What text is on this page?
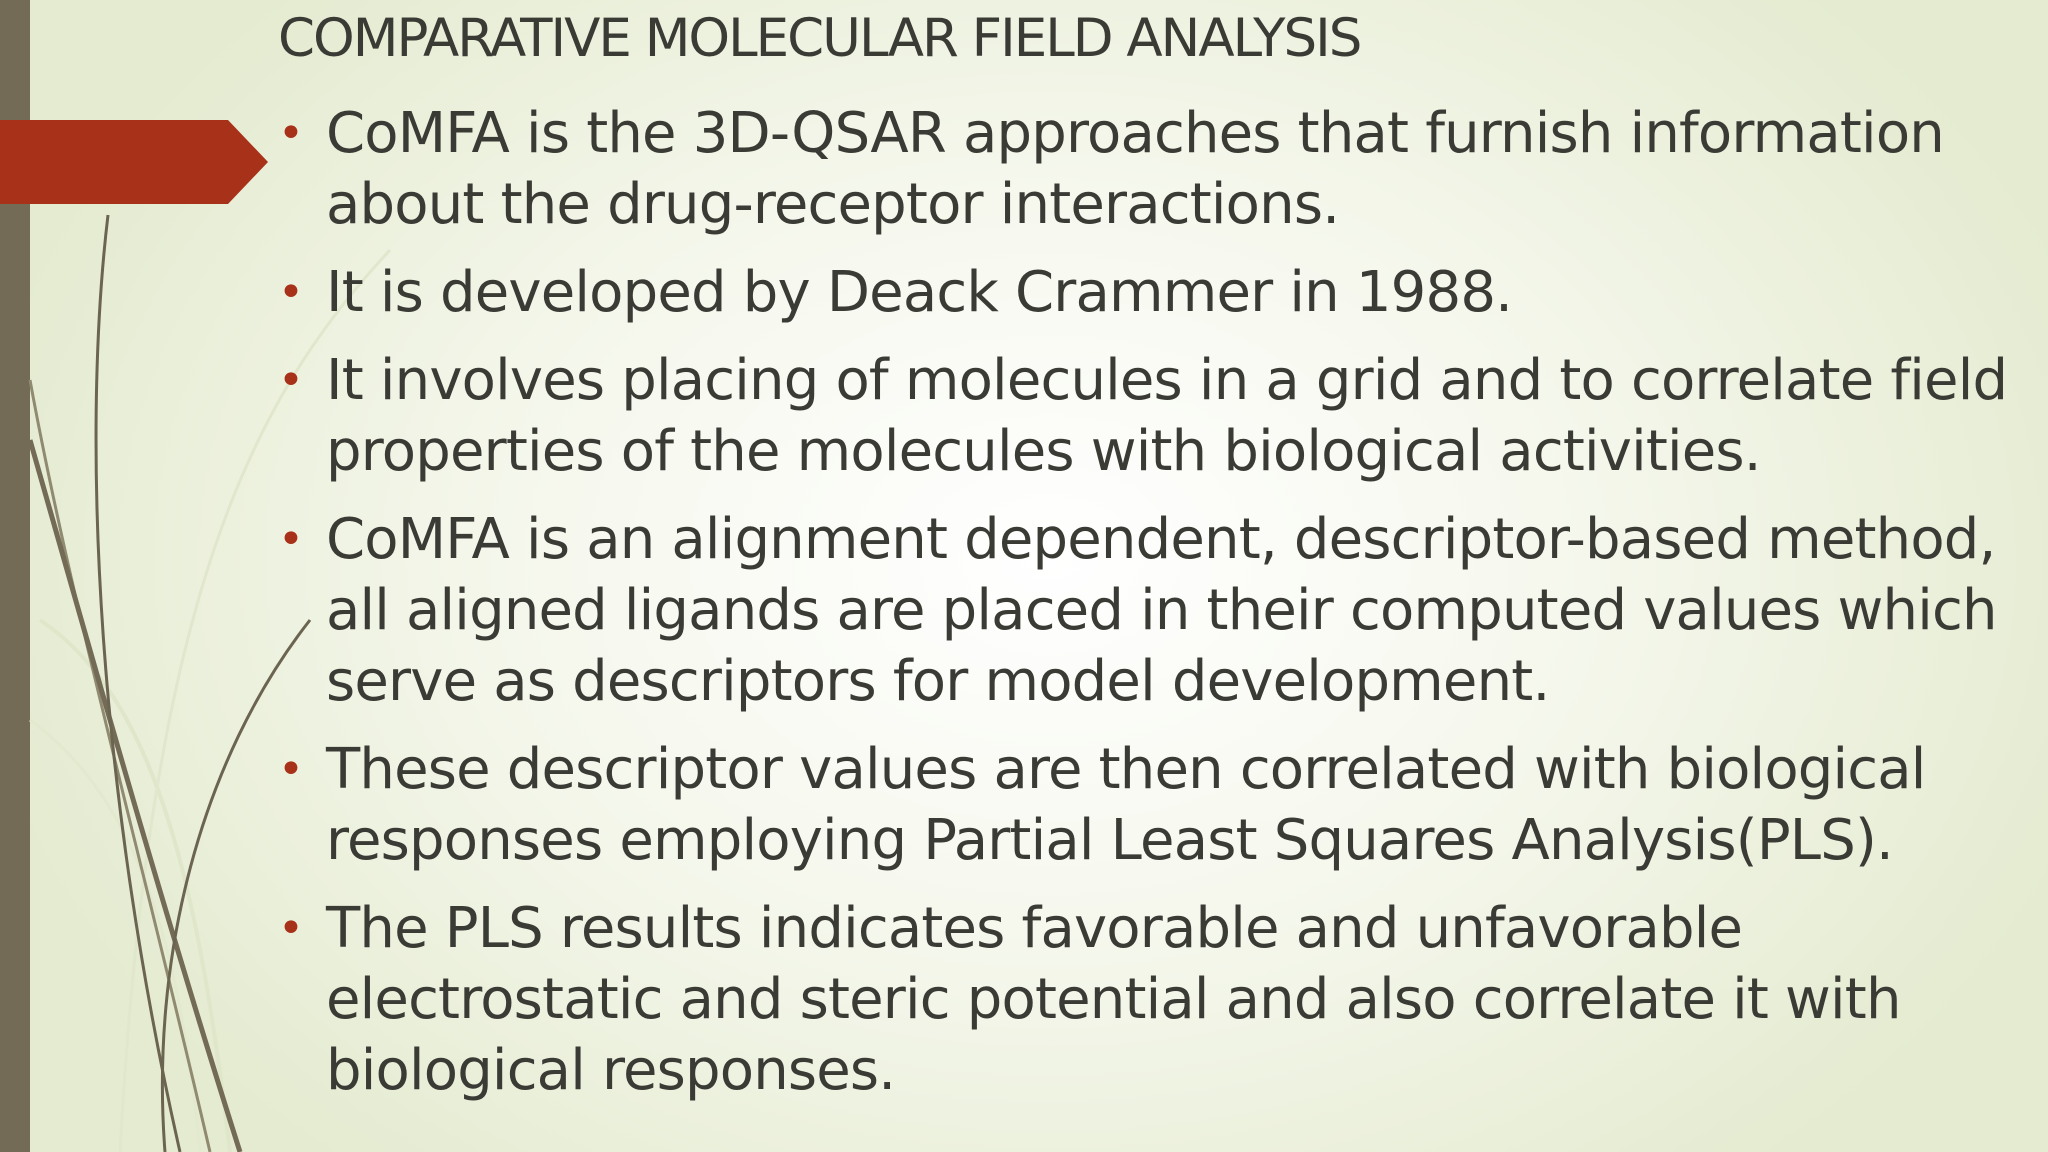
COMPARATIVE MOLECULAR FIELD ANALYSIS
• CoMFA is the 3D-QSAR approaches that furnish information about the drug-receptor interactions.
• It is developed by Deack Crammer in 1988.
• It involves placing of molecules in a grid and to correlate field properties of the molecules with biological activities.
• CoMFA is an alignment dependent, descriptor-based method, all aligned ligands are placed in their computed values which serve as descriptors for model development.
• These descriptor values are then correlated with biological responses employing Partial Least Squares Analysis(PLS).
• The PLS results indicates favorable and unfavorable electrostatic and steric potential and also correlate it with biological responses.
